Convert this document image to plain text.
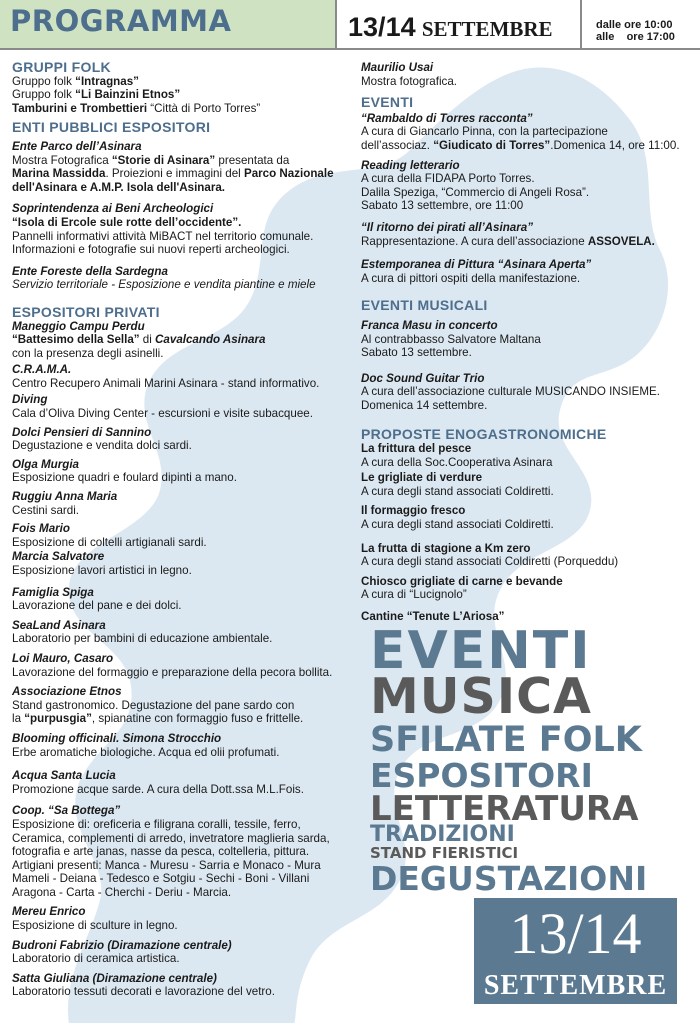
PROGRAMMA	13/14 SETTEMBRE	dalle ore 10:00
alle    ore 17:00
GRUPPI FOLK
Gruppo folk “Intragnas”
Gruppo folk “Li Bainzini Etnos”
Tamburini e Trombettieri “Città di Porto Torres”
ENTI PUBBLICI ESPOSITORI
Ente Parco dell’Asinara
Mostra Fotografica “Storie di Asinara” presentata da
Marina Massidda. Proiezioni e immagini del Parco Nazionale
dell'Asinara e A.M.P. Isola dell'Asinara.
Soprintendenza ai Beni Archeologici
“Isola di Ercole sule rotte dell’occidente”.
Pannelli informativi attività MiBACT nel territorio comunale.
Informazioni e fotografie sui nuovi reperti archeologici.
Ente Foreste della Sardegna
Servizio territoriale - Esposizione e vendita piantine e miele
ESPOSITORI PRIVATI
Maneggio Campu Perdu
“Battesimo della Sella” di Cavalcando Asinara
con la presenza degli asinelli.
C.R.A.M.A.
Centro Recupero Animali Marini Asinara - stand informativo.
Diving
Cala d’Oliva Diving Center - escursioni e visite subacquee.
Dolci Pensieri di Sannino
Degustazione e vendita dolci sardi.
Olga Murgia
Esposizione quadri e foulard dipinti a mano.
Ruggiu Anna Maria
Cestini sardi.
Fois Mario
Esposizione di coltelli artigianali sardi.
Marcia Salvatore
Esposizione lavori artistici in legno.
Famiglia Spiga
Lavorazione del pane e dei dolci.
SeaLand Asinara
Laboratorio per bambini di educazione ambientale.
Loi Mauro, Casaro
Lavorazione del formaggio e preparazione della pecora bollita.
Associazione Etnos
Stand gastronomico. Degustazione del pane sardo con
la “purpusgia”, spianatine con formaggio fuso e frittelle.
Blooming officinali. Simona Strocchio
Erbe aromatiche biologiche. Acqua ed olii profumati.
Acqua Santa Lucia
Promozione acque sarde. A cura della Dott.ssa M.L.Fois.
Coop. “Sa Bottega”
Esposizione di: oreficeria e filigrana coralli, tessile, ferro,
Ceramica, complementi di arredo, invetratore maglieria sarda,
fotografia e arte janas, nasse da pesca, coltelleria, pittura.
Artigiani presenti: Manca - Muresu - Sarria e Monaco - Mura
Mameli - Deiana - Tedesco e Sotgiu - Sechi - Boni - Villani
Aragona - Carta - Cherchi - Deriu - Marcia.
Mereu Enrico
Esposizione di sculture in legno.
Budroni Fabrizio (Diramazione centrale)
Laboratorio di ceramica artistica.
Satta Giuliana (Diramazione centrale)
Laboratorio tessuti decorati e lavorazione del vetro.
Maurilio Usai
Mostra fotografica.
EVENTI
“Rambaldo di Torres racconta”
A cura di Giancarlo Pinna, con la partecipazione
dell’associaz. “Giudicato di Torres”.Domenica 14, ore 11:00.
Reading letterario
A cura della FIDAPA Porto Torres.
Dalila Speziga, “Commercio di Angeli Rosa”.
Sabato 13 settembre, ore 11:00
“Il ritorno dei pirati all’Asinara”
Rappresentazione. A cura dell’associazione ASSOVELA.
Estemporanea di Pittura “Asinara Aperta”
A cura di pittori ospiti della manifestazione.
EVENTI MUSICALI
Franca Masu in concerto
Al contrabbasso Salvatore Maltana
Sabato 13 settembre.
Doc Sound Guitar Trio
A cura dell’associazione culturale MUSICANDO INSIEME.
Domenica 14 settembre.
PROPOSTE ENOGASTRONOMICHE
La frittura del pesce
A cura della Soc.Cooperativa Asinara
Le grigliate di verdure
A cura degli stand associati Coldiretti.
Il formaggio fresco
A cura degli stand associati Coldiretti.
La frutta di stagione a Km zero
A cura degli stand associati Coldiretti (Porqueddu)
Chiosco grigliate di carne e bevande
A cura di “Lucignolo”
Cantine “Tenute L’Ariosa”
EVENTI
MUSICA
SFILATE FOLK
ESPOSITORI
LETTERATURA
TRADIZIONI
STAND FIERISTICI
DEGUSTAZIONI
13/14
SETTEMBRE
